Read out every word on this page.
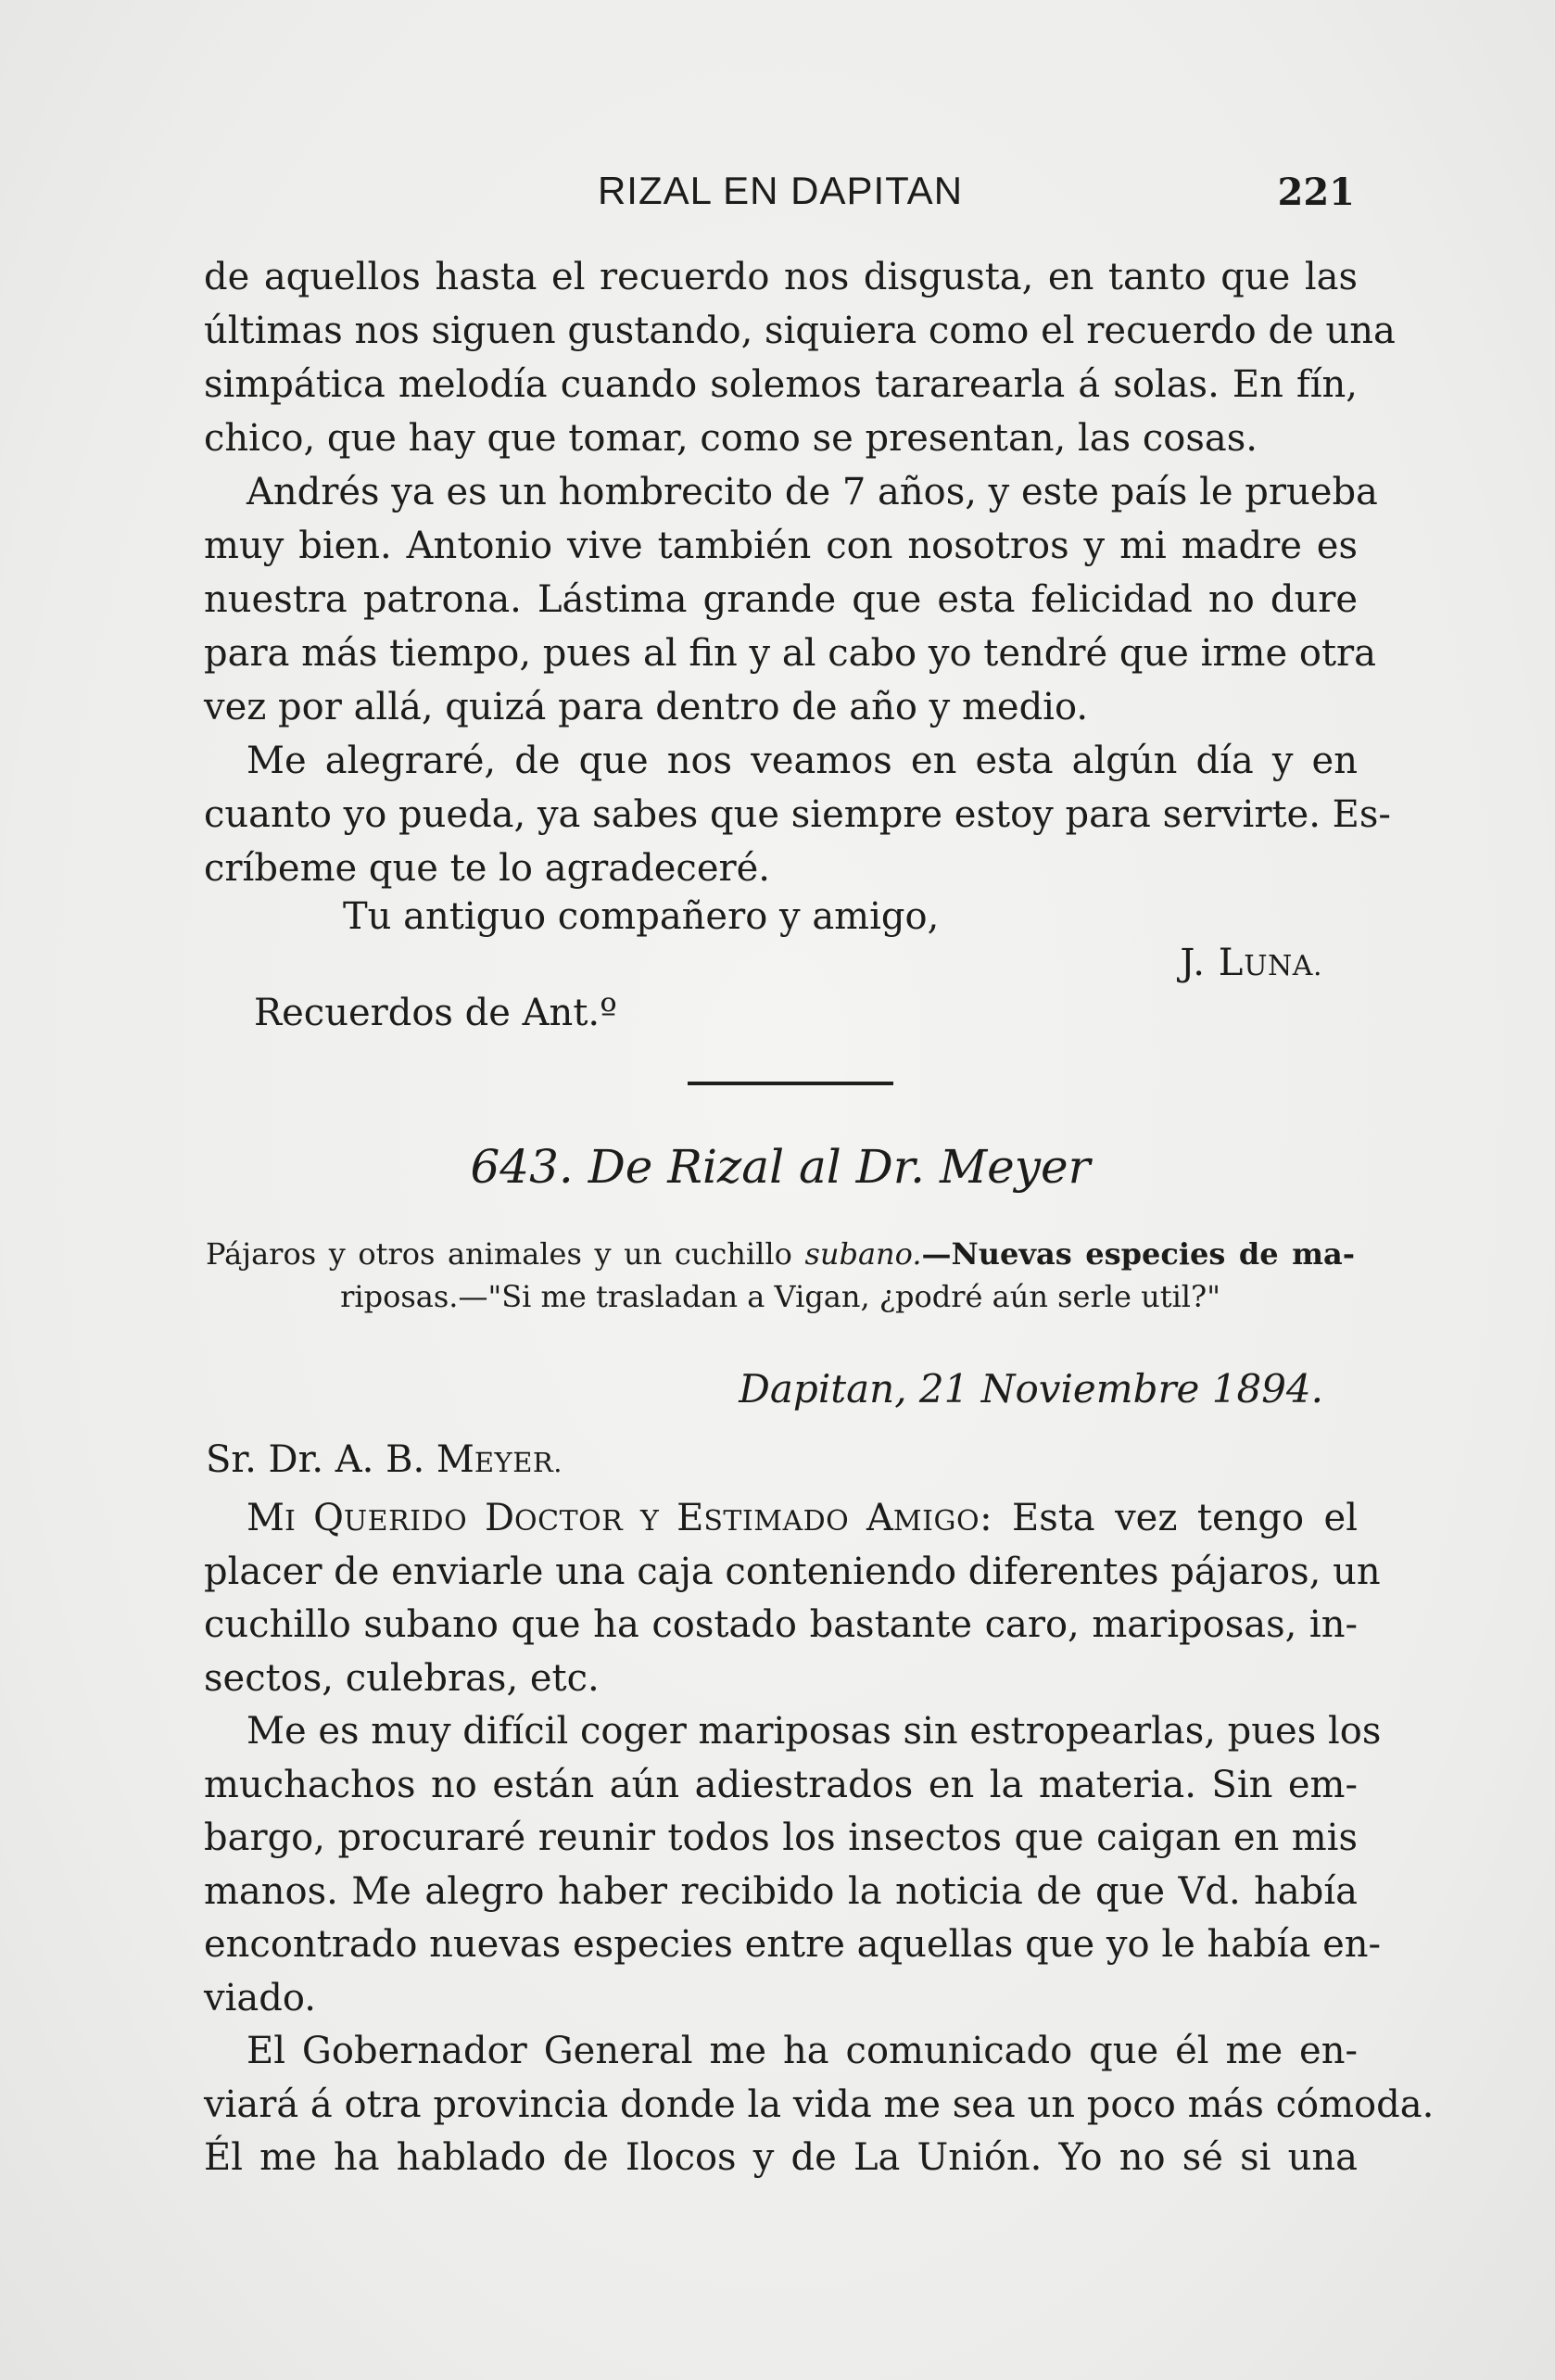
RIZAL EN DAPITAN	221
de aquellos hasta el recuerdo nos disgusta, en tanto que las
últimas nos siguen gustando, siquiera como el recuerdo de una
simpática melodía cuando solemos tararearla á solas. En fín,
chico, que hay que tomar, como se presentan, las cosas.
Andrés ya es un hombrecito de 7 años, y este país le prueba
muy bien. Antonio vive también con nosotros y mi madre es
nuestra patrona. Lástima grande que esta felicidad no dure
para más tiempo, pues al fin y al cabo yo tendré que irme otra
vez por allá, quizá para dentro de año y medio.
Me alegraré, de que nos veamos en esta algún día y en
cuanto yo pueda, ya sabes que siempre estoy para servirte. Es-
críbeme que te lo agradeceré.
Tu antiguo compañero y amigo,
J. LUNA.
Recuerdos de Ant.º
643. De Rizal al Dr. Meyer
Pájaros y otros animales y un cuchillo subano.—Nuevas especies de ma-
riposas.—"Si me trasladan a Vigan, ¿podré aún serle util?"
Dapitan, 21 Noviembre 1894.
Sr. Dr. A. B. MEYER.
MI QUERIDO DOCTOR Y ESTIMADO AMIGO: Esta vez tengo el
placer de enviarle una caja conteniendo diferentes pájaros, un
cuchillo subano que ha costado bastante caro, mariposas, in-
sectos, culebras, etc.
Me es muy difícil coger mariposas sin estropearlas, pues los
muchachos no están aún adiestrados en la materia. Sin em-
bargo, procuraré reunir todos los insectos que caigan en mis
manos. Me alegro haber recibido la noticia de que Vd. había
encontrado nuevas especies entre aquellas que yo le había en-
viado.
El Gobernador General me ha comunicado que él me en-
viará á otra provincia donde la vida me sea un poco más cómoda.
Él me ha hablado de Ilocos y de La Unión. Yo no sé si una
